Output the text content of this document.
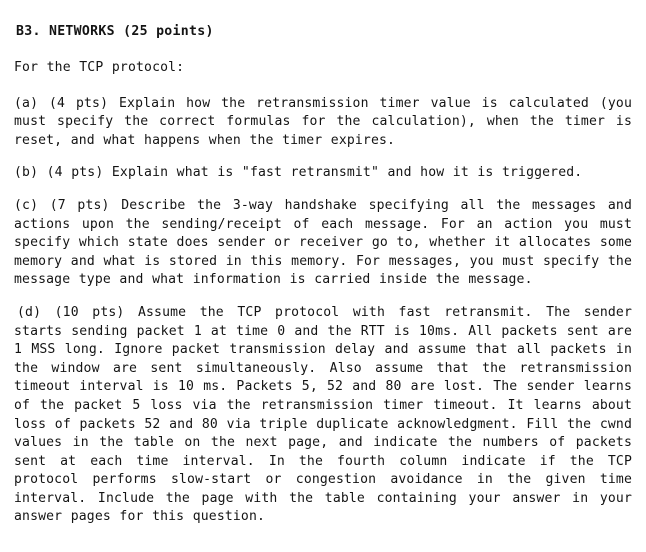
B3. NETWORKS (25 points)

For the TCP protocol:

(a) (4 pts) Explain how the retransmission timer value is calculated (you must specify the correct formulas for the calculation), when the timer is reset, and what happens when the timer expires.

(b) (4 pts) Explain what is "fast retransmit" and how it is triggered.

(c) (7 pts) Describe the 3-way handshake specifying all the messages and actions upon the sending/receipt of each message. For an action you must specify which state does sender or receiver go to, whether it allocates some memory and what is stored in this memory. For messages, you must specify the message type and what information is carried inside the message.

(d) (10 pts) Assume the TCP protocol with fast retransmit. The sender starts sending packet 1 at time 0 and the RTT is 10ms. All packets sent are 1 MSS long. Ignore packet transmission delay and assume that all packets in the window are sent simultaneously. Also assume that the retransmission timeout interval is 10 ms. Packets 5, 52 and 80 are lost. The sender learns of the packet 5 loss via the retransmission timer timeout. It learns about loss of packets 52 and 80 via triple duplicate acknowledgment. Fill the cwnd values in the table on the next page, and indicate the numbers of packets sent at each time interval. In the fourth column indicate if the TCP protocol performs slow-start or congestion avoidance in the given time interval. Include the page with the table containing your answer in your answer pages for this question.
